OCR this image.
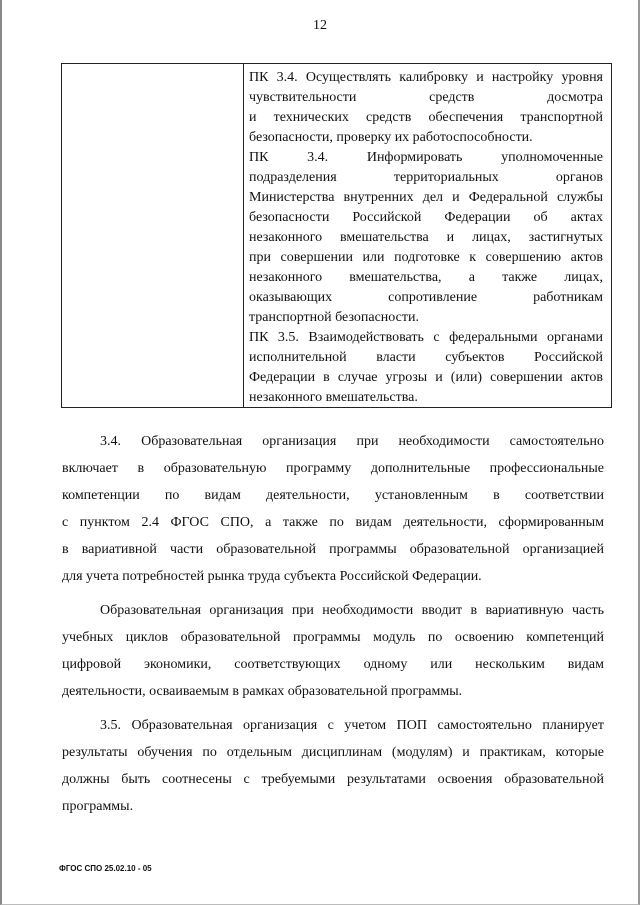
12

ПК 3.4. Осуществлять калибровку и настройку уровня

чувствительности средств досмотра

и технических средств обеспечения транспортной

безопасности, проверку их работоспособности.

ПК 3.4. Информировать уполномоченные

подразделения территориальных органов

Министерства внутренних дел и Федеральной службы

безопасности Российской Федерации об актах

незаконного вмешательства и лицах, застигнутых

при совершении или подготовке к совершению актов

незаконного вмешательства, а также лицах,

оказывающих сопротивление работникам

транспортной безопасности.

ПК 3.5. Взаимодействовать с федеральными органами

исполнительной власти субъектов Российской

Федерации в случае угрозы и (или) совершении актов

незаконного вмешательства.

3.4. Образовательная организация при необходимости самостоятельно

включает в образовательную программу дополнительные профессиональные

компетенции по видам деятельности, установленным в соответствии

с пунктом 2.4 ФГОС СПО, а также по видам деятельности, сформированным

в вариативной части образовательной программы образовательной организацией

для учета потребностей рынка труда субъекта Российской Федерации.

Образовательная организация при необходимости вводит в вариативную часть

учебных циклов образовательной программы модуль по освоению компетенций

цифровой экономики, соответствующих одному или нескольким видам

деятельности, осваиваемым в рамках образовательной программы.

3.5. Образовательная организация с учетом ПОП самостоятельно планирует

результаты обучения по отдельным дисциплинам (модулям) и практикам, которые

должны быть соотнесены с требуемыми результатами освоения образовательной

программы.

ФГОС СПО 25.02.10 - 05
